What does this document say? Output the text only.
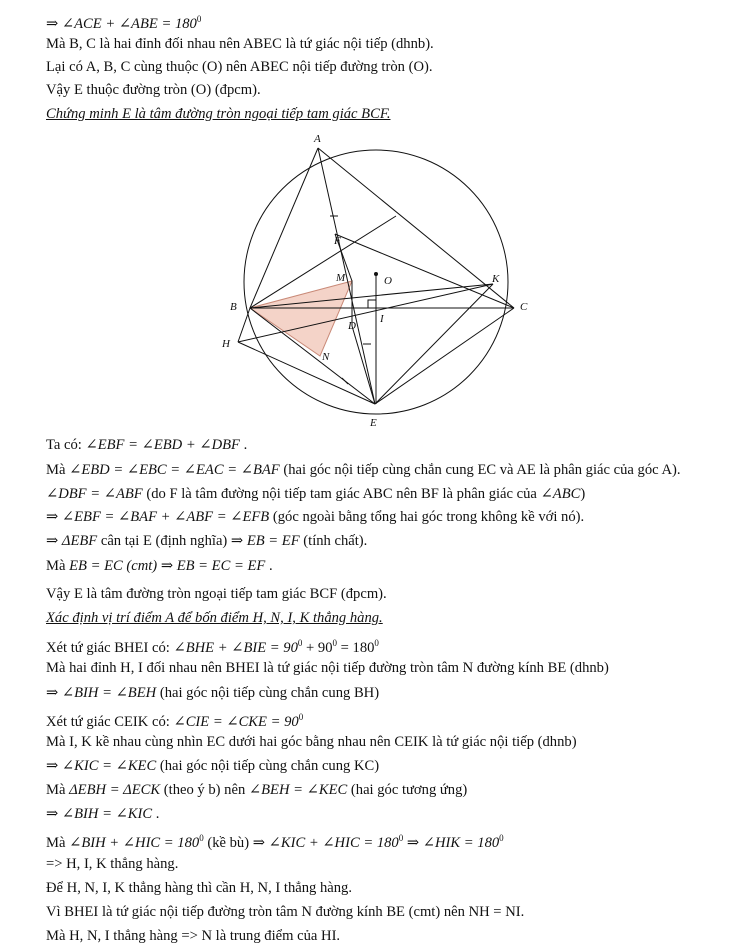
⇒ ∠ACE + ∠ABE = $180^0$
Mà B, C là hai đỉnh đối nhau nên ABEC là tứ giác nội tiếp (dhnb).
Lại có A, B, C cùng thuộc (O) nên ABEC nội tiếp đường tròn (O).
Vậy E thuộc đường tròn (O) (đpcm).
Chứng minh E là tâm đường tròn ngoại tiếp tam giác BCF.
A
B	C
E
F
M	O	K
D
I
H
N
Ta có: ∠EBF = ∠EBD + ∠DBF .
Mà ∠EBD = ∠EBC = ∠EAC = ∠BAF (hai góc nội tiếp cùng chắn cung EC và AE là phân giác của góc A).
∠DBF = ∠ABF (do F là tâm đường nội tiếp tam giác ABC nên BF là phân giác của ∠ABC)
⇒ ∠EBF = ∠BAF + ∠ABF = ∠EFB (góc ngoài bằng tổng hai góc trong không kề với nó).
⇒ ΔEBF cân tại E (định nghĩa) ⇒ EB = EF (tính chất).
Mà EB = EC (cmt) ⇒ EB = EC = EF .
Vậy E là tâm đường tròn ngoại tiếp tam giác BCF (đpcm).
Xác định vị trí điểm A để bốn điểm H, N, I, K thẳng hàng.
Xét tứ giác BHEI có: ∠BHE + ∠BIE = $90^0 + 90^0 = 180^0$
Mà hai đỉnh H, I đối nhau nên BHEI là tứ giác nội tiếp đường tròn tâm N đường kính BE (dhnb)
⇒ ∠BIH = ∠BEH (hai góc nội tiếp cùng chắn cung BH)
Xét tứ giác CEIK có: ∠CIE = ∠CKE = $90^0$
Mà I, K kề nhau cùng nhìn EC dưới hai góc bằng nhau nên CEIK là tứ giác nội tiếp (dhnb)
⇒ ∠KIC = ∠KEC (hai góc nội tiếp cùng chắn cung KC)
Mà ΔEBH = ΔECK (theo ý b) nên ∠BEH = ∠KEC (hai góc tương ứng)
⇒ ∠BIH = ∠KIC .
Mà ∠BIH + ∠HIC = $180^0$ (kề bù) ⇒ ∠KIC + ∠HIC = $180^0$ ⇒ ∠HIK = $180^0$
=> H, I, K thẳng hàng.
Để H, N, I, K thẳng hàng thì cần H, N, I thẳng hàng.
Vì BHEI là tứ giác nội tiếp đường tròn tâm N đường kính BE (cmt) nên NH = NI.
Mà H, N, I thẳng hàng => N là trung điểm của HI.
